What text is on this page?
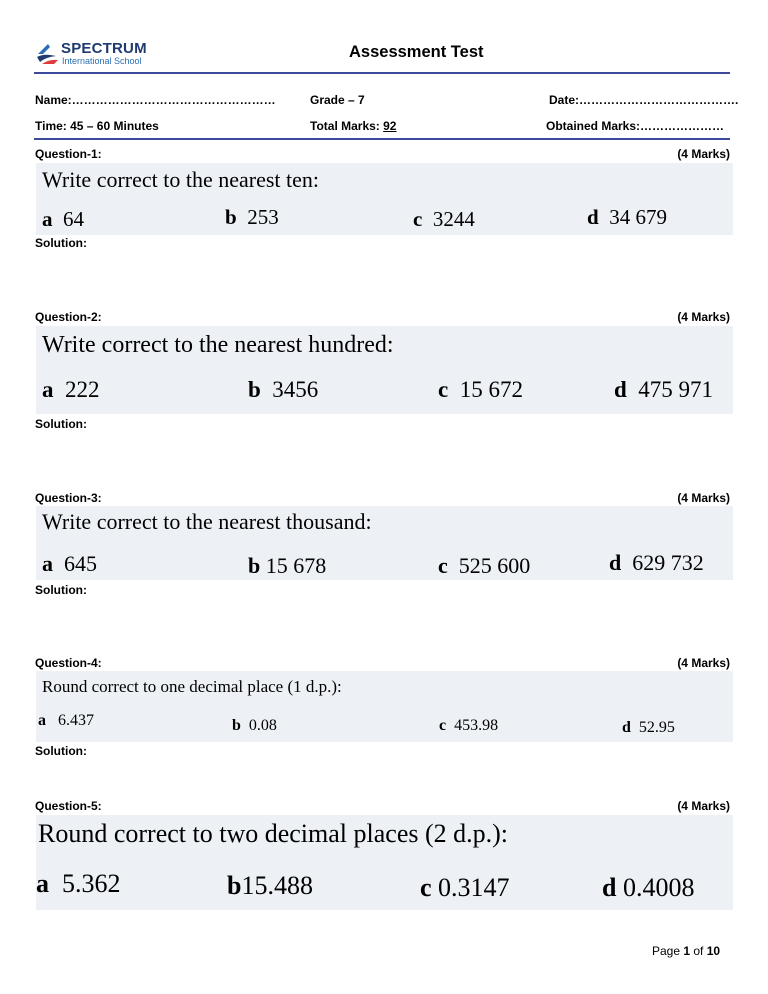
SPECTRUM
International School	Assessment Test
Name:……………………………………………	Grade – 7	Date:………………………………….
Time: 45 – 60 Minutes	Total Marks: 92	Obtained Marks:…………………
Question-1:	(4 Marks)
Write correct to the nearest ten:
a 64	b 253	c 3244	d 34 679
Solution:
Question-2:	(4 Marks)
Write correct to the nearest hundred:
a 222	b 3456	c 15 672	d 475 971
Solution:
Question-3:	(4 Marks)
Write correct to the nearest thousand:
a 645	b 15 678	c 525 600	d 629 732
Solution:
Question-4:	(4 Marks)
Round correct to one decimal place (1 d.p.):
a 6.437	b 0.08	c 453.98	d 52.95
Solution:
Question-5:	(4 Marks)
Round correct to two decimal places (2 d.p.):
a 5.362	b15.488	c 0.3147	d 0.4008
Page 1 of 10
